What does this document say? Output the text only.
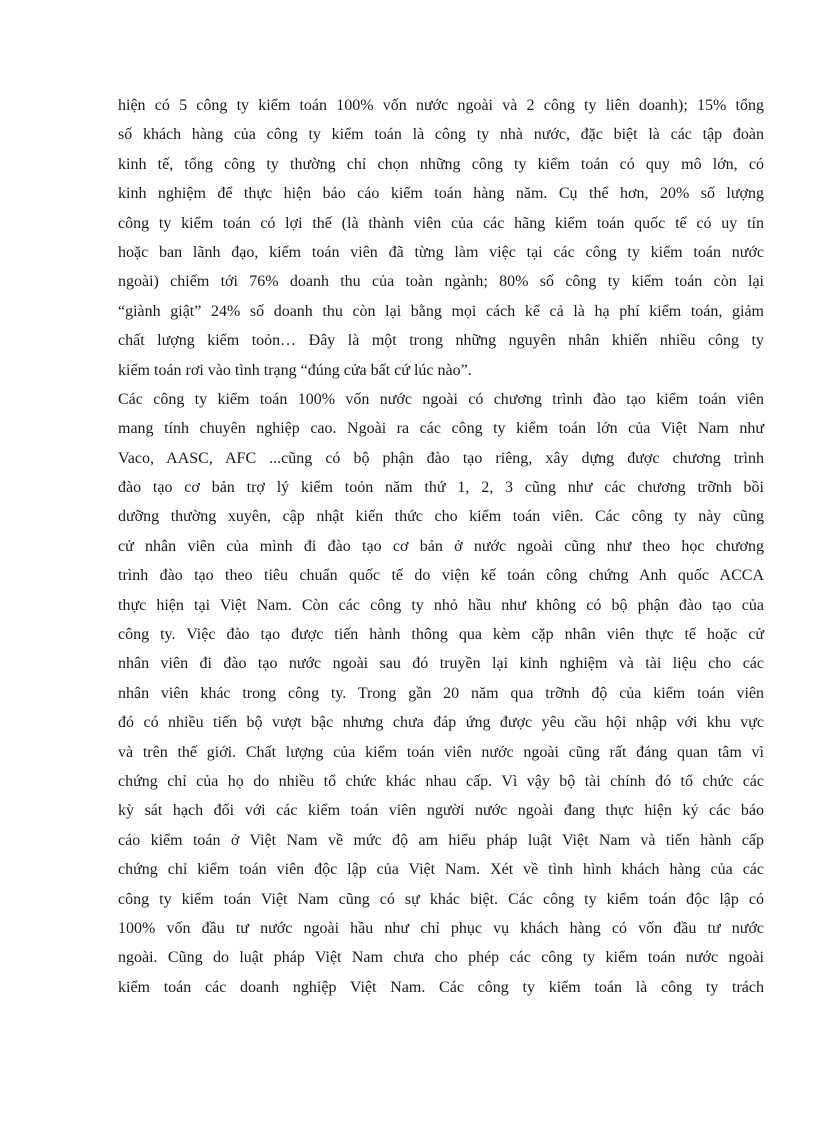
hiện có 5 công ty kiểm toán 100% vốn nước ngoài và 2 công ty liên doanh); 15% tổng
số khách hàng của công ty kiểm toán là công ty nhà nước, đặc biệt là các tập đoàn
kinh tế, tổng công ty thường chỉ chọn những công ty kiểm toán có quy mô lớn, có
kinh nghiệm để thực hiện báo cáo kiểm toán hàng năm. Cụ thể hơn, 20% số lượng
công ty kiểm toán có lợi thế (là thành viên của các hãng kiểm toán quốc tế có uy tín
hoặc ban lãnh đạo, kiểm toán viên đã từng làm việc tại các công ty kiểm toán nước
ngoài) chiếm tới 76% doanh thu của toàn ngành; 80% số công ty kiểm toán còn lại
“giành giật” 24% số doanh thu còn lại bằng mọi cách kể cả là hạ phí kiểm toán, giảm
chất lượng kiểm toỏn… Đây là một trong những nguyên nhân khiến nhiều công ty
kiểm toán rơi vào tình trạng “đúng cửa bất cứ lúc nào”.
Các công ty kiểm toán 100% vốn nước ngoài có chương trình đào tạo kiểm toán viên
mang tính chuyên nghiệp cao. Ngoài ra các công ty kiểm toán lớn của Việt Nam như
Vaco, AASC, AFC ...cũng có bộ phận đào tạo riêng, xây dựng được chương trình
đào tạo cơ bản trợ lý kiểm toỏn năm thứ 1, 2, 3 cũng như các chương trỡnh bồi
dưỡng thường xuyên, cập nhật kiến thức cho kiểm toán viên. Các công ty này cũng
cử nhân viên của mình đi đào tạo cơ bản ở nước ngoài cũng như theo học chương
trình đào tạo theo tiêu chuẩn quốc tế do viện kế toán công chứng Anh quốc ACCA
thực hiện tại Việt Nam. Còn các công ty nhỏ hầu như không có bộ phận đào tạo của
công ty. Việc đào tạo được tiến hành thông qua kèm cặp nhân viên thực tế hoặc cử
nhân viên đi đào tạo nước ngoài sau đó truyền lại kinh nghiệm và tài liệu cho các
nhân viên khác trong công ty. Trong gần 20 năm qua trỡnh độ của kiểm toán viên
đó có nhiều tiến bộ vượt bậc nhưng chưa đáp ứng được yêu cầu hội nhập với khu vực
và trên thế giới. Chất lượng của kiểm toán viên nước ngoài cũng rất đáng quan tâm vì
chứng chỉ của họ do nhiều tổ chức khác nhau cấp. Vì vậy bộ tài chính đó tổ chức các
kỳ sát hạch đối với các kiểm toán viên người nước ngoài đang thực hiện ký các báo
cáo kiểm toán ở Việt Nam về mức độ am hiểu pháp luật Việt Nam và tiến hành cấp
chứng chỉ kiểm toán viên độc lập của Việt Nam. Xét về tình hình khách hàng của các
công ty kiểm toán Việt Nam cũng có sự khác biệt. Các công ty kiểm toán độc lập có
100% vốn đầu tư nước ngoài hầu như chỉ phục vụ khách hàng có vốn đầu tư nước
ngoài. Cũng do luật pháp Việt Nam chưa cho phép các công ty kiểm toán nước ngoài
kiểm toán các doanh nghiệp Việt Nam. Các công ty kiểm toán là công ty trách
